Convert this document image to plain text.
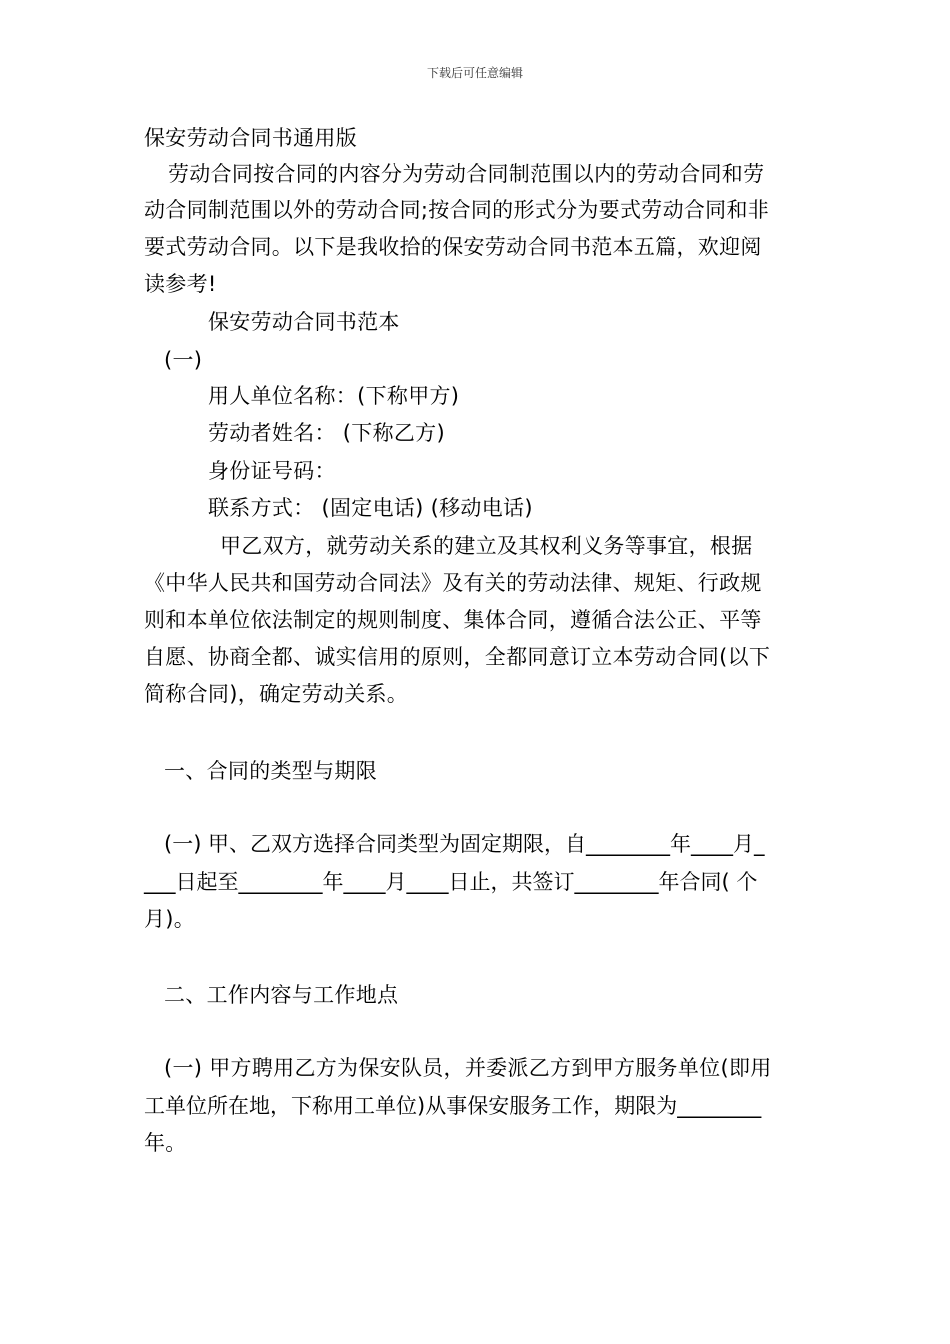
下载后可任意编辑
保安劳动合同书通用版
劳动合同按合同的内容分为劳动合同制范围以内的劳动合同和劳
动合同制范围以外的劳动合同;按合同的形式分为要式劳动合同和非
要式劳动合同。以下是我收拾的保安劳动合同书范本五篇，欢迎阅
读参考!
保安劳动合同书范本
(一)
用人单位名称：(下称甲方)
劳动者姓名： (下称乙方)
身份证号码：
联系方式： (固定电话) (移动电话)
甲乙双方，就劳动关系的建立及其权利义务等事宜，根据
《中华人民共和国劳动合同法》及有关的劳动法律、规矩、行政规
则和本单位依法制定的规则制度、集体合同，遵循合法公正、平等
自愿、协商全都、诚实信用的原则，全都同意订立本劳动合同(以下
简称合同)，确定劳动关系。
一、合同的类型与期限
(一) 甲、乙双方选择合同类型为固定期限，自________年____月_
___日起至________年____月____日止，共签订________年合同( 个
月)。
二、工作内容与工作地点
(一) 甲方聘用乙方为保安队员，并委派乙方到甲方服务单位(即用
工单位所在地，下称用工单位)从事保安服务工作，期限为________
年。
